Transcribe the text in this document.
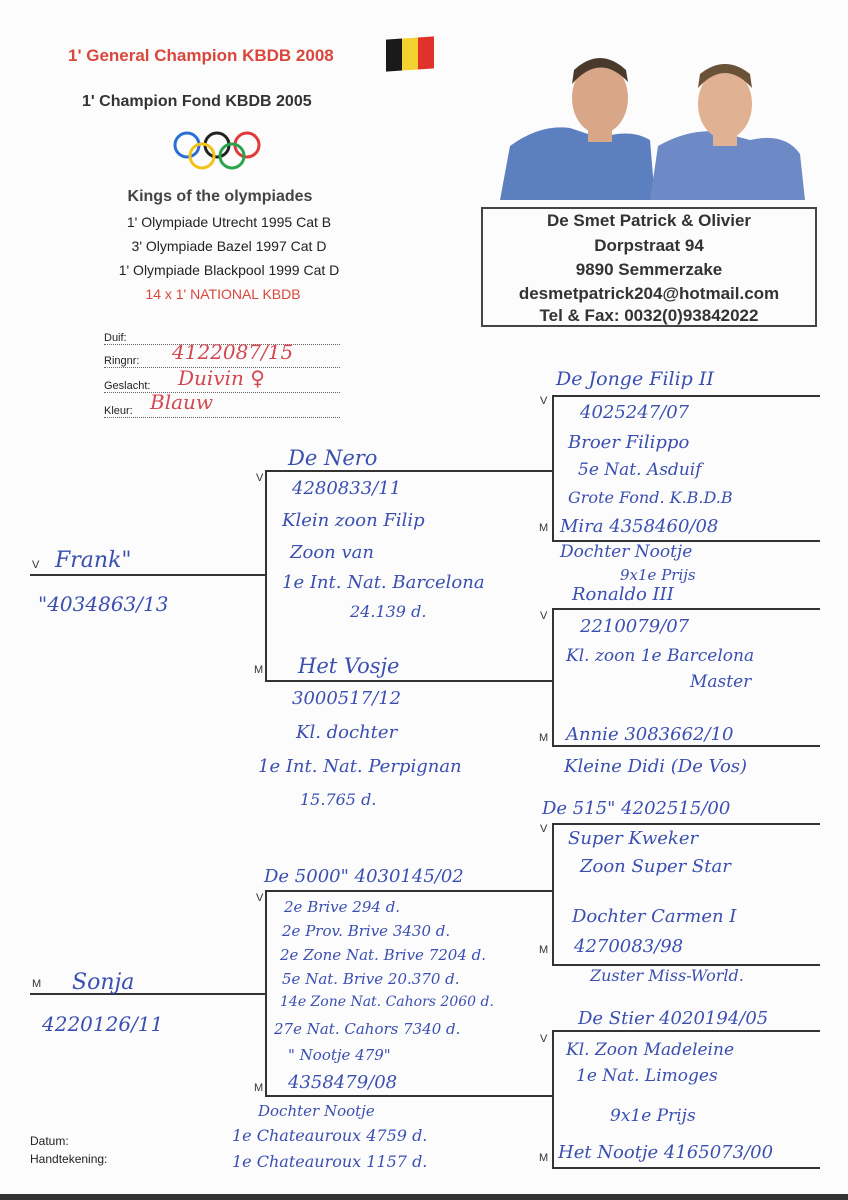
1' General Champion KBDB 2008
1' Champion Fond KBDB 2005
Kings of the olympiades
1' Olympiade Utrecht 1995 Cat B
3' Olympiade Bazel 1997 Cat D
1' Olympiade Blackpool 1999 Cat D
14 x 1' NATIONAL KBDB
De Smet Patrick & Olivier
Dorpstraat 94
9890 Semmerzake
desmetpatrick204@hotmail.com
Tel & Fax: 0032(0)93842022
Duif:
Ringnr:	4122087/15
Geslacht:	Duivin ♀
Kleur: Blauw
V
M
V
M
V
M
V
M
V
M
V
M
V
M
Frank"
"4034863/13
De Nero
4280833/11
Klein zoon Filip
Zoon van
1e Int. Nat. Barcelona
24.139 d.
Het Vosje
3000517/12
Kl. dochter
1e Int. Nat. Perpignan
15.765 d.
De Jonge Filip II
4025247/07
Broer Filippo
5e Nat. Asduif
Grote Fond. K.B.D.B
Mira 4358460/08
Dochter Nootje
9x1e Prijs
Ronaldo III
2210079/07
Kl. zoon 1e Barcelona
Master
Annie 3083662/10
Kleine Didi (De Vos)
Sonja
4220126/11
De 5000" 4030145/02
2e Brive 294 d.
2e Prov. Brive 3430 d.
2e Zone Nat. Brive 7204 d.
5e Nat. Brive 20.370 d.
14e Zone Nat. Cahors 2060 d.
27e Nat. Cahors 7340 d.
" Nootje 479"
4358479/08
Dochter Nootje
1e Chateauroux 4759 d.
1e Chateauroux 1157 d.
De 515" 4202515/00
Super Kweker
Zoon Super Star
Dochter Carmen I
4270083/98
Zuster Miss-World.
De Stier 4020194/05
Kl. Zoon Madeleine
1e Nat. Limoges
9x1e Prijs
Het Nootje 4165073/00
Datum:
Handtekening:
